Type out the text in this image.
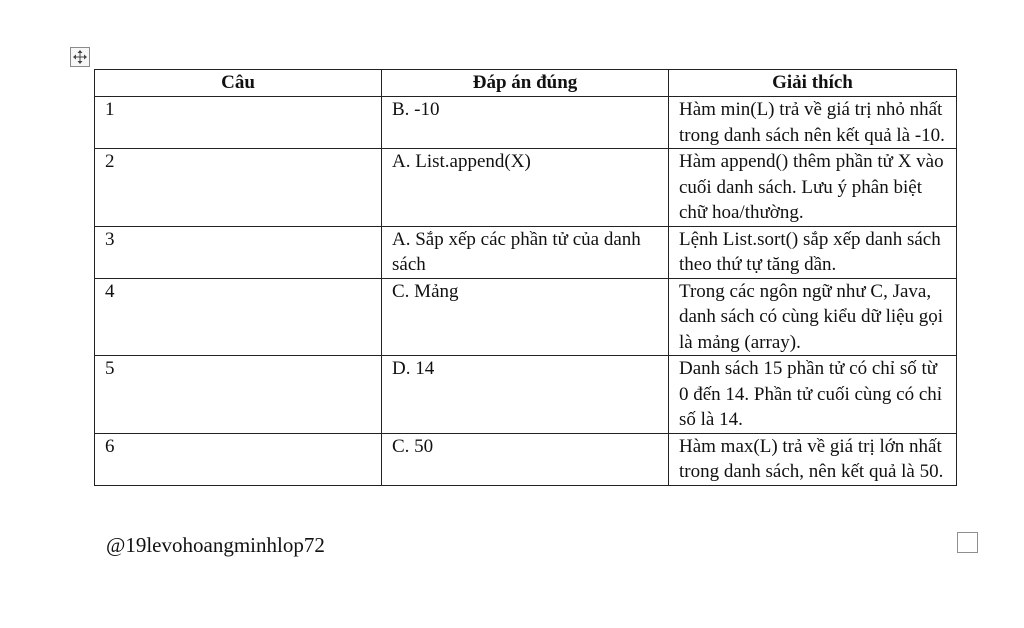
Câu	Đáp án đúng	Giải thích
1	B. -10	Hàm min(L) trả về giá trị nhỏ nhất trong danh sách nên kết quả là -10.
2	A. List.append(X)	Hàm append() thêm phần tử X vào cuối danh sách. Lưu ý phân biệt chữ hoa/thường.
3	A. Sắp xếp các phần tử của danh sách	Lệnh List.sort() sắp xếp danh sách theo thứ tự tăng dần.
4	C. Mảng	Trong các ngôn ngữ như C, Java, danh sách có cùng kiểu dữ liệu gọi là mảng (array).
5	D. 14	Danh sách 15 phần tử có chỉ số từ 0 đến 14. Phần tử cuối cùng có chỉ số là 14.
6	C. 50	Hàm max(L) trả về giá trị lớn nhất trong danh sách, nên kết quả là 50.
@19levohoangminhlop72
